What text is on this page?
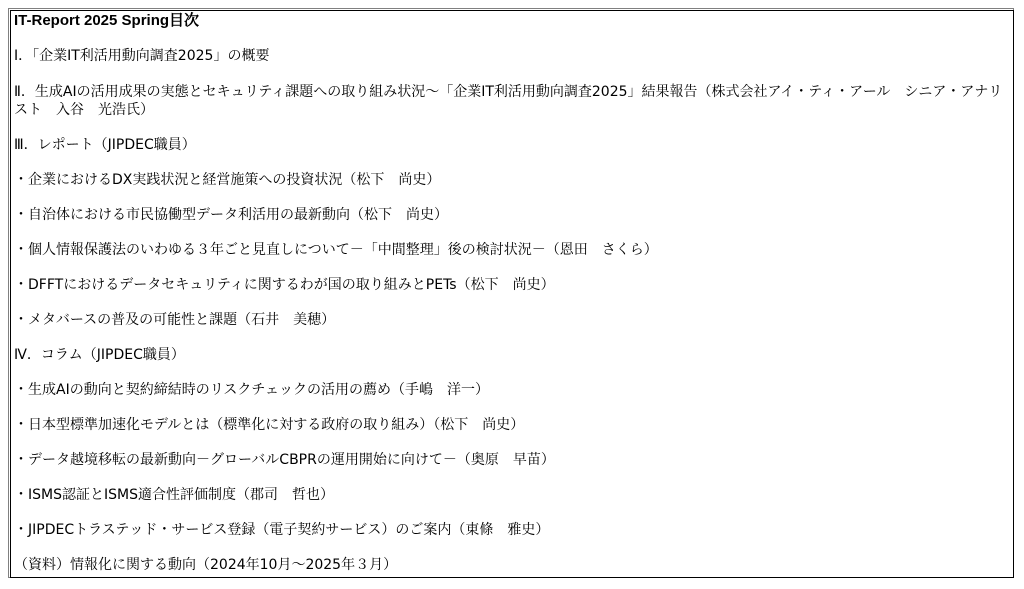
IT-Report 2025 Spring目次

Ⅰ．「企業IT利活用動向調査2025」の概要

Ⅱ．生成AIの活用成果の実態とセキュリティ課題への取り組み状況～「企業IT利活用動向調査2025」結果報告（株式会社アイ・ティ・アール　シニア・アナリスト　入谷　光浩氏）

Ⅲ．レポート（JIPDEC職員）

・企業におけるDX実践状況と経営施策への投資状況（松下　尚史）

・自治体における市民協働型データ利活用の最新動向（松下　尚史）

・個人情報保護法のいわゆる３年ごと見直しについて－「中間整理」後の検討状況－（恩田　さくら）

・DFFTにおけるデータセキュリティに関するわが国の取り組みとPETs（松下　尚史）

・メタバースの普及の可能性と課題（石井　美穂）

Ⅳ．コラム（JIPDEC職員）

・生成AIの動向と契約締結時のリスクチェックの活用の薦め（手嶋　洋一）

・日本型標準加速化モデルとは（標準化に対する政府の取り組み）（松下　尚史）

・データ越境移転の最新動向－グローバルCBPRの運用開始に向けて－（奥原　早苗）

・ISMS認証とISMS適合性評価制度（郡司　哲也）

・JIPDECトラステッド・サービス登録（電子契約サービス）のご案内（東條　雅史）

（資料）情報化に関する動向（2024年10月～2025年３月）
